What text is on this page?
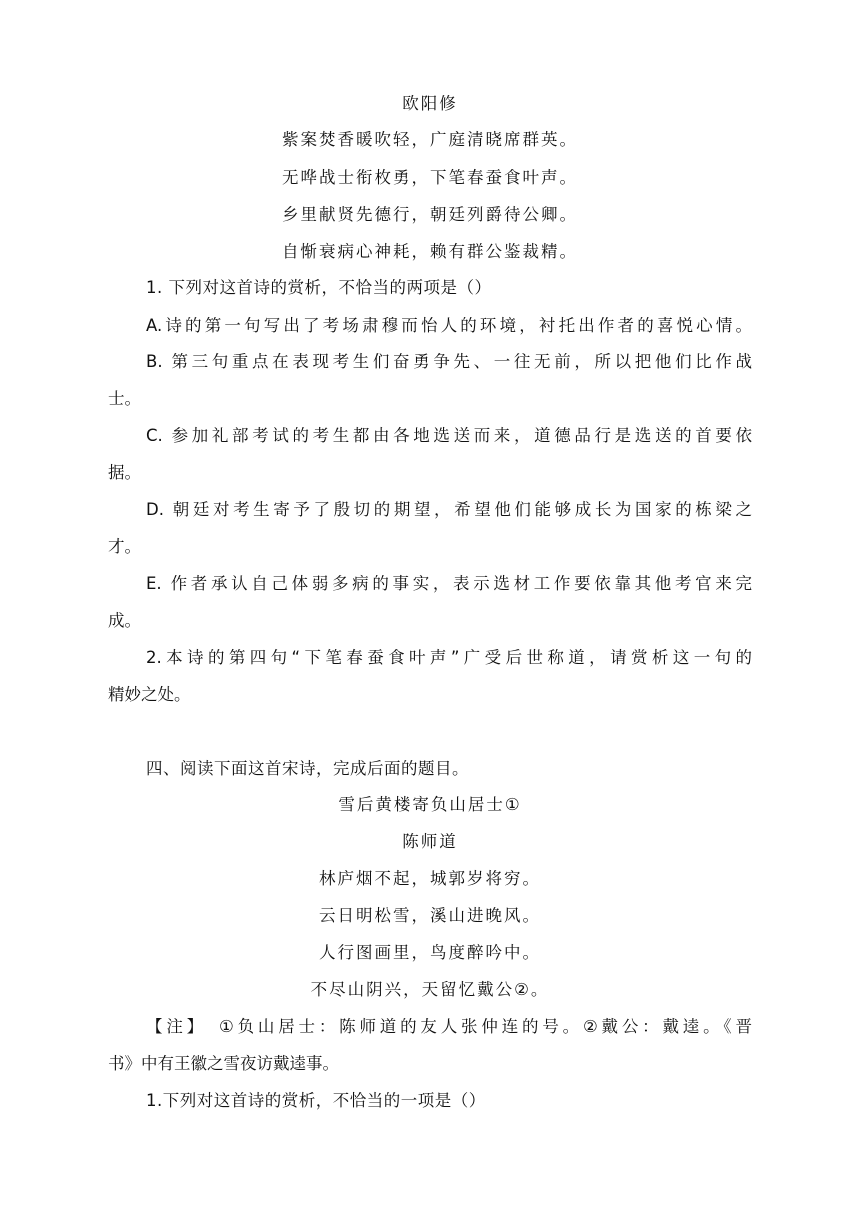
欧阳修
紫案焚香暖吹轻，广庭清晓席群英。
无哗战士衔枚勇，下笔春蚕食叶声。
乡里献贤先德行，朝廷列爵待公卿。
自惭衰病心神耗，赖有群公鉴裁精。
1. 下列对这首诗的赏析，不恰当的两项是（）
A.诗的第一句写出了考场肃穆而怡人的环境，衬托出作者的喜悦心情。
B. 第三句重点在表现考生们奋勇争先、一往无前，所以把他们比作战
士。
C. 参加礼部考试的考生都由各地选送而来，道德品行是选送的首要依
据。
D. 朝廷对考生寄予了殷切的期望，希望他们能够成长为国家的栋梁之
才。
E. 作者承认自己体弱多病的事实，表示选材工作要依靠其他考官来完
成。
2.本诗的第四句“下笔春蚕食叶声”广受后世称道，请赏析这一句的
精妙之处。
四、阅读下面这首宋诗，完成后面的题目。
雪后黄楼寄负山居士①
陈师道
林庐烟不起，城郭岁将穷。
云日明松雪，溪山进晚风。
人行图画里，鸟度醉吟中。
不尽山阴兴，天留忆戴公②。
【注】　①负山居士：陈师道的友人张仲连的号。②戴公：戴逵。《晋
书》中有王徽之雪夜访戴逵事。
1.下列对这首诗的赏析，不恰当的一项是（）
